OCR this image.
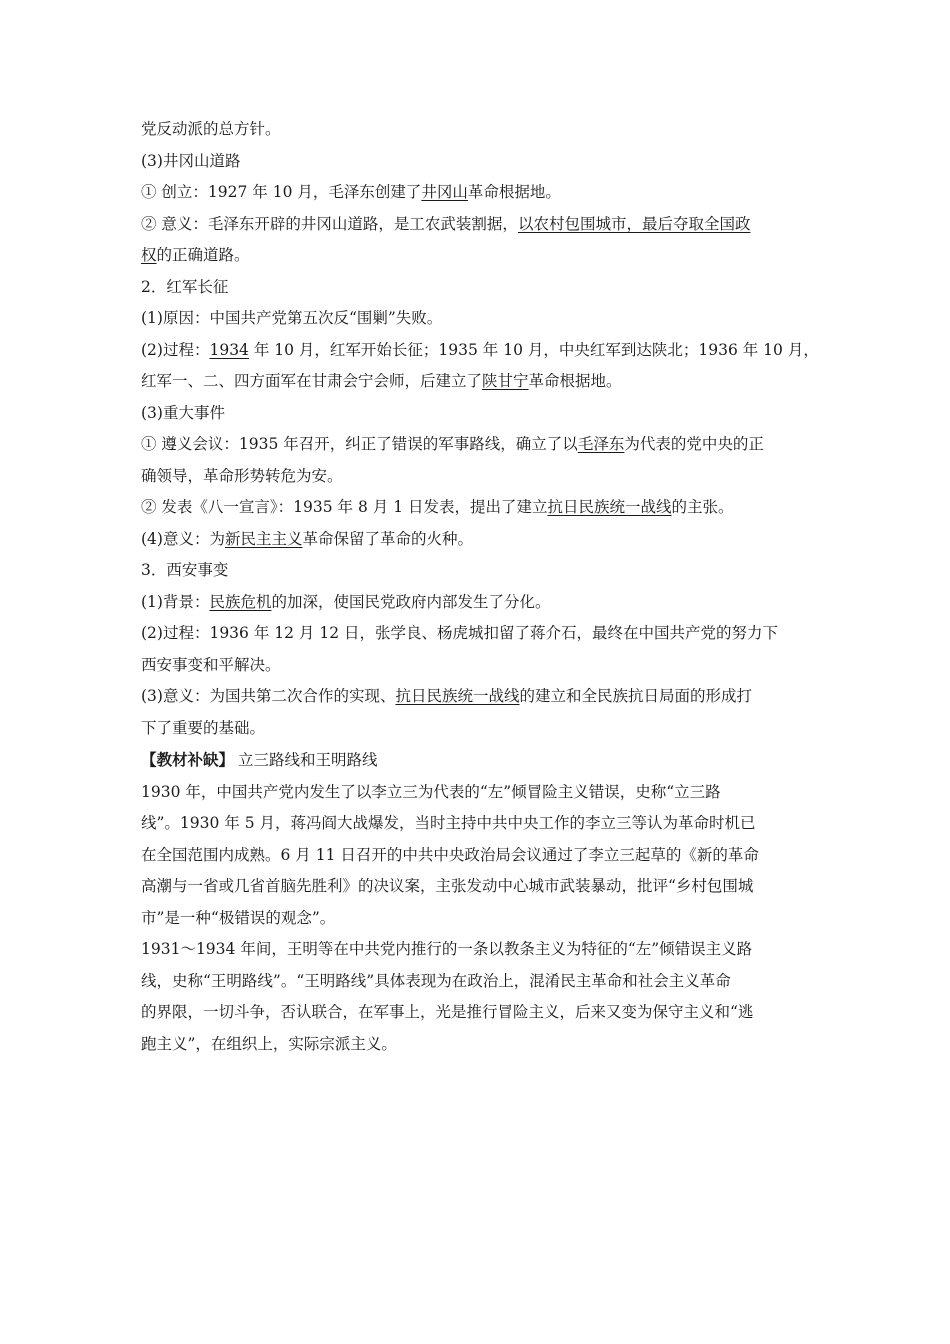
党反动派的总方针。

(3)井冈山道路

① 创立：1927 年 10 月，毛泽东创建了井冈山革命根据地。

② 意义：毛泽东开辟的井冈山道路，是工农武装割据，以农村包围城市，最后夺取全国政

权的正确道路。

2．红军长征

(1)原因：中国共产党第五次反“围剿”失败。

(2)过程：1934 年 10 月，红军开始长征；1935 年 10 月，中央红军到达陕北；1936 年 10 月，

红军一、二、四方面军在甘肃会宁会师，后建立了陕甘宁革命根据地。

(3)重大事件

① 遵义会议：1935 年召开，纠正了错误的军事路线，确立了以毛泽东为代表的党中央的正

确领导，革命形势转危为安。

② 发表《八一宣言》：1935 年 8 月 1 日发表，提出了建立抗日民族统一战线的主张。

(4)意义：为新民主主义革命保留了革命的火种。

3．西安事变

(1)背景：民族危机的加深，使国民党政府内部发生了分化。

(2)过程：1936 年 12 月 12 日，张学良、杨虎城扣留了蒋介石，最终在中国共产党的努力下

西安事变和平解决。

(3)意义：为国共第二次合作的实现、抗日民族统一战线的建立和全民族抗日局面的形成打

下了重要的基础。

【教材补缺】 立三路线和王明路线

1930 年，中国共产党内发生了以李立三为代表的“左”倾冒险主义错误，史称“立三路

线”。1930 年 5 月，蒋冯阎大战爆发，当时主持中共中央工作的李立三等认为革命时机已

在全国范围内成熟。6 月 11 日召开的中共中央政治局会议通过了李立三起草的《新的革命

高潮与一省或几省首脑先胜利》的决议案，主张发动中心城市武装暴动，批评“乡村包围城

市”是一种“极错误的观念”。

1931～1934 年间，王明等在中共党内推行的一条以教条主义为特征的“左”倾错误主义路

线，史称“王明路线”。“王明路线”具体表现为在政治上，混淆民主革命和社会主义革命

的界限，一切斗争，否认联合，在军事上，光是推行冒险主义，后来又变为保守主义和“逃

跑主义”，在组织上，实际宗派主义。
